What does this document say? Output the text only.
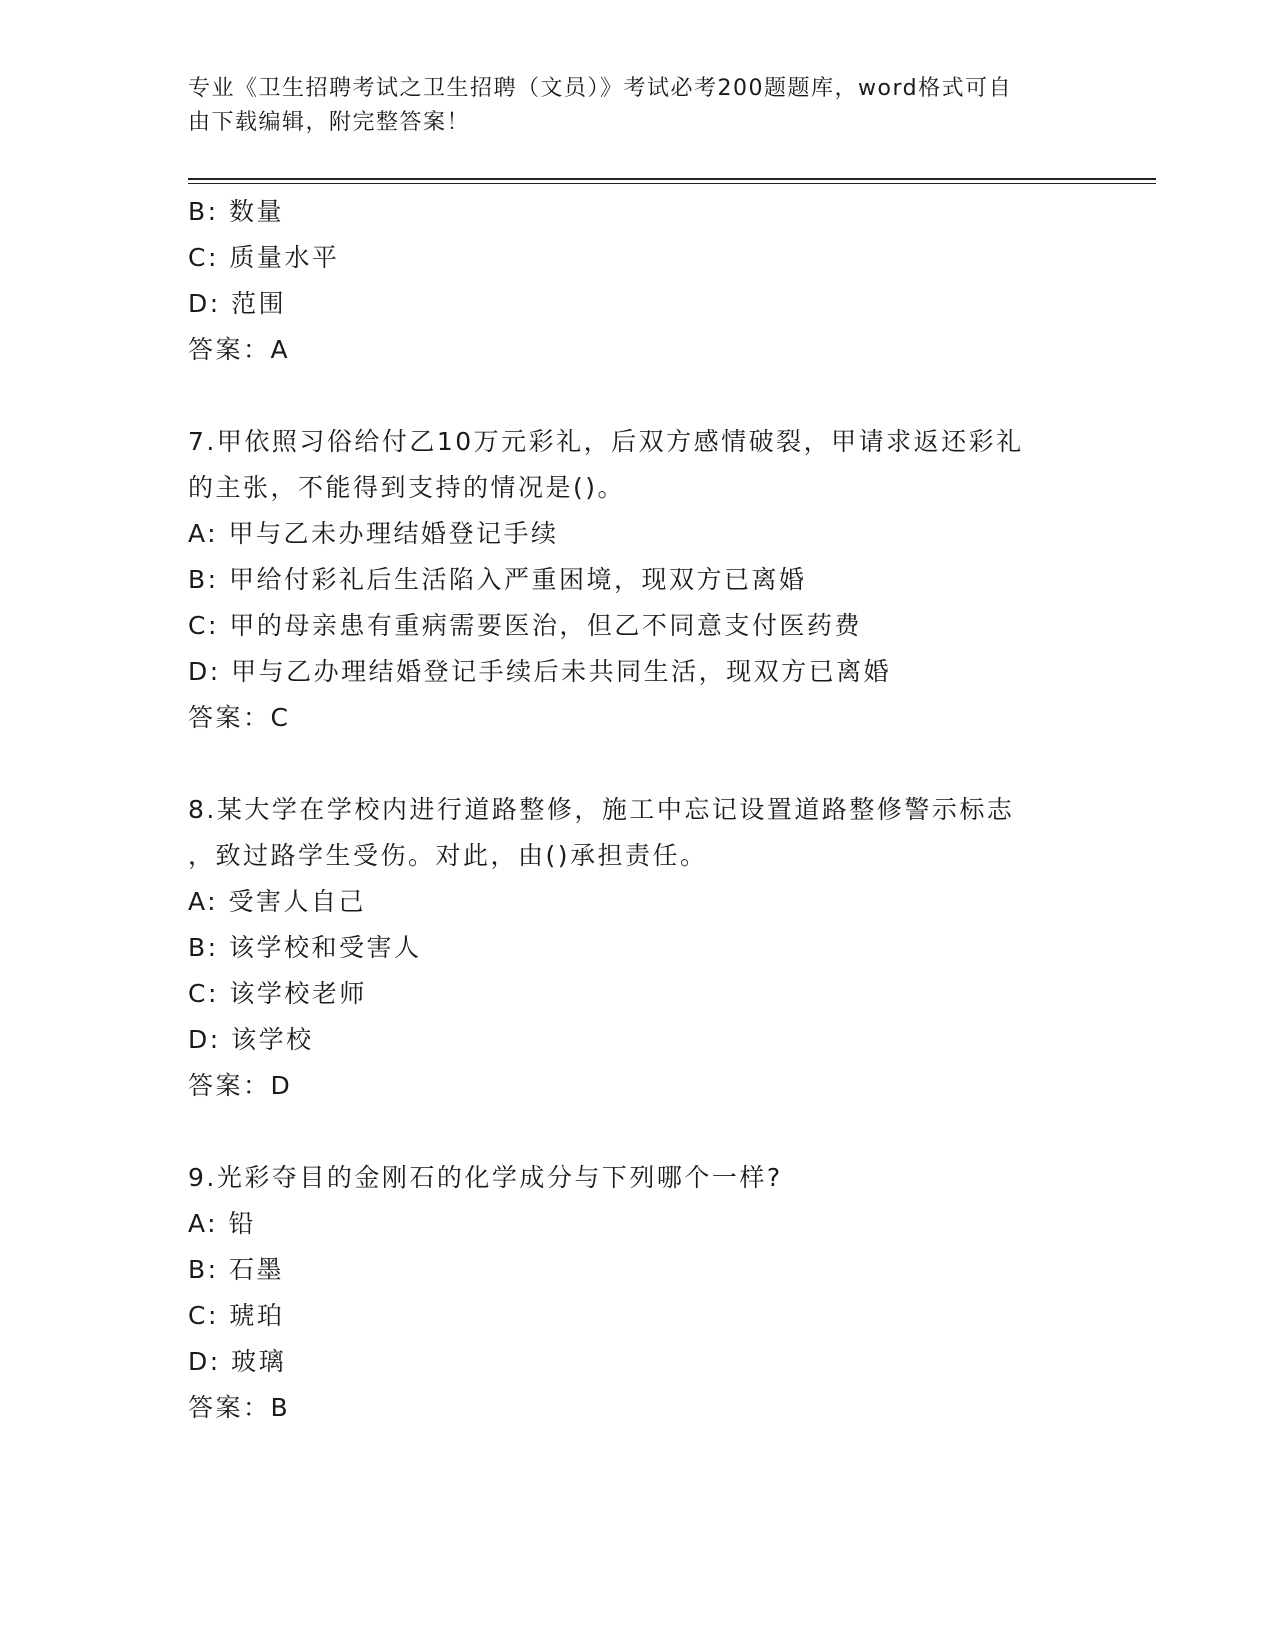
专业《卫生招聘考试之卫生招聘（文员）》考试必考200题题库，word格式可自
由下载编辑，附完整答案！
B: 数量
C: 质量水平
D: 范围
答案：A
7.甲依照习俗给付乙10万元彩礼，后双方感情破裂，甲请求返还彩礼
的主张，不能得到支持的情况是()。
A: 甲与乙未办理结婚登记手续
B: 甲给付彩礼后生活陷入严重困境，现双方已离婚
C: 甲的母亲患有重病需要医治，但乙不同意支付医药费
D: 甲与乙办理结婚登记手续后未共同生活，现双方已离婚
答案：C
8.某大学在学校内进行道路整修，施工中忘记设置道路整修警示标志
，致过路学生受伤。对此，由()承担责任。
A: 受害人自己
B: 该学校和受害人
C: 该学校老师
D: 该学校
答案：D
9.光彩夺目的金刚石的化学成分与下列哪个一样?
A: 铅
B: 石墨
C: 琥珀
D: 玻璃
答案：B
